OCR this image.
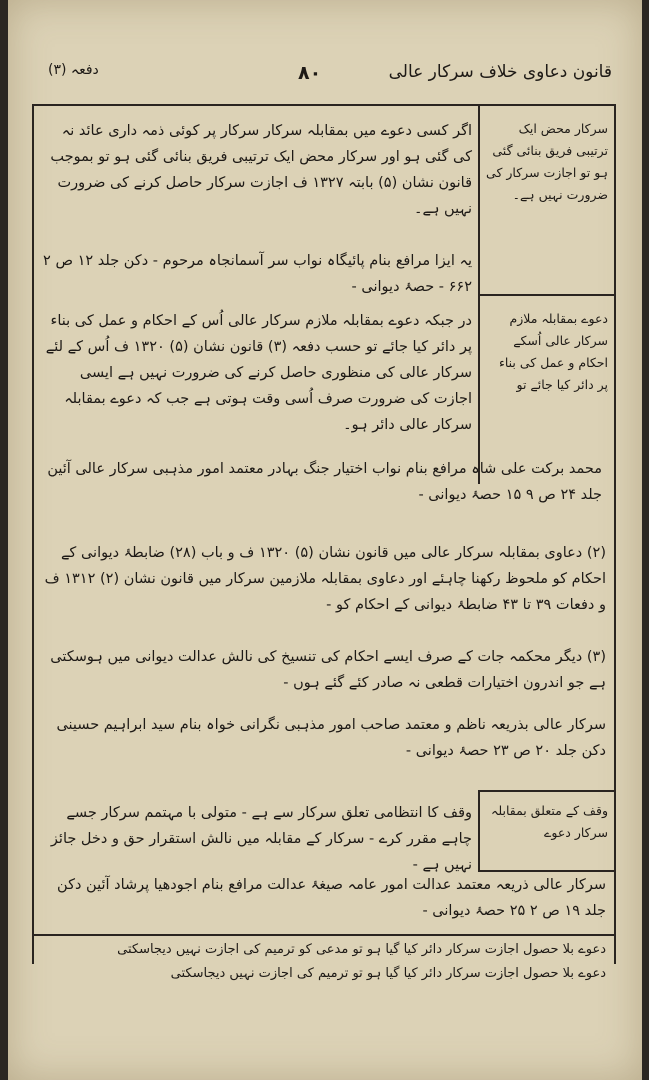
قانون دعاوی خلاف سرکار عالی
۸۰
دفعہ (۳)
سرکار محض ایک ترتیبی فریق بنائی گئی ہو تو اجازت سرکار کی ضرورت نہیں ہے۔
اگر کسی دعوے میں بمقابلہ سرکار سرکار پر کوئی ذمہ داری عائد نہ کی گئی ہو اور سرکار محض ایک ترتیبی فریق بنائی گئی ہو تو بموجب قانون نشان (۵) بابتہ ۱۳۲۷ ف اجازت سرکار حاصل کرنے کی ضرورت نہیں ہے۔
یہ ایزا مرافع بنام پائیگاہ نواب سر آسمانجاہ مرحوم - دکن جلد ۱۲ ص ۲ ۶۶۲ - حصۂ دیوانی -
دعوے بمقابلہ ملازم سرکار عالی اُسکے احکام و عمل کی بناء پر دائر کیا جائے تو
در جبکہ دعوے بمقابلہ ملازم سرکار عالی اُس کے احکام و عمل کی بناء پر دائر کیا جائے تو حسب دفعہ (۳) قانون نشان (۵) ۱۳۲۰ ف اُس کے لئے سرکار عالی کی منظوری حاصل کرنے کی ضرورت نہیں ہے ایسی اجازت کی ضرورت صرف اُسی وقت ہوتی ہے جب کہ دعوے بمقابلہ سرکار عالی دائر ہو۔
محمد برکت علی شاہ مرافع بنام نواب اختیار جنگ بہادر معتمد امور مذہبی سرکار عالی آئین جلد ۲۴ ص ۹ ۱۵ حصۂ دیوانی -
(۲) دعاوی بمقابلہ سرکار عالی میں قانون نشان (۵) ۱۳۲۰ ف و باب (۲۸) ضابطۂ دیوانی کے احکام کو ملحوظ رکھنا چاہئے اور دعاوی بمقابلہ ملازمین سرکار میں قانون نشان (۲) ۱۳۱۲ ف و دفعات ۳۹ تا ۴۳ ضابطۂ دیوانی کے احکام کو -
(۳) دیگر محکمہ جات کے صرف ایسے احکام کی تنسیخ کی نالش عدالت دیوانی میں ہوسکتی ہے جو اندرون اختیارات قطعی نہ صادر کئے گئے ہوں -
سرکار عالی بذریعہ ناظم و معتمد صاحب امور مذہبی نگرانی خواہ بنام سید ابراہیم حسینی دکن جلد ۲۰ ص ۲۳ حصۂ دیوانی -
وقف کے متعلق بمقابلہ سرکار دعوے
وقف کا انتظامی تعلق سرکار سے ہے - متولی با مہتمم سرکار جسے چاہے مقرر کرے - سرکار کے مقابلہ میں نالش استقرار حق و دخل جائز نہیں ہے -
سرکار عالی ذریعہ معتمد عدالت امور عامہ صیغۂ عدالت مرافع بنام اجودھیا پرشاد آئین دکن جلد ۱۹ ص ۲ ۲۵ حصۂ دیوانی -
دعوے بلا حصول اجازت سرکار دائر کیا گیا ہو تو مدعی کو ترمیم کی اجازت نہیں دیجاسکتی
دعوے بلا حصول اجازت سرکار دائر کیا گیا ہو تو ترمیم کی اجازت نہیں دیجاسکتی
